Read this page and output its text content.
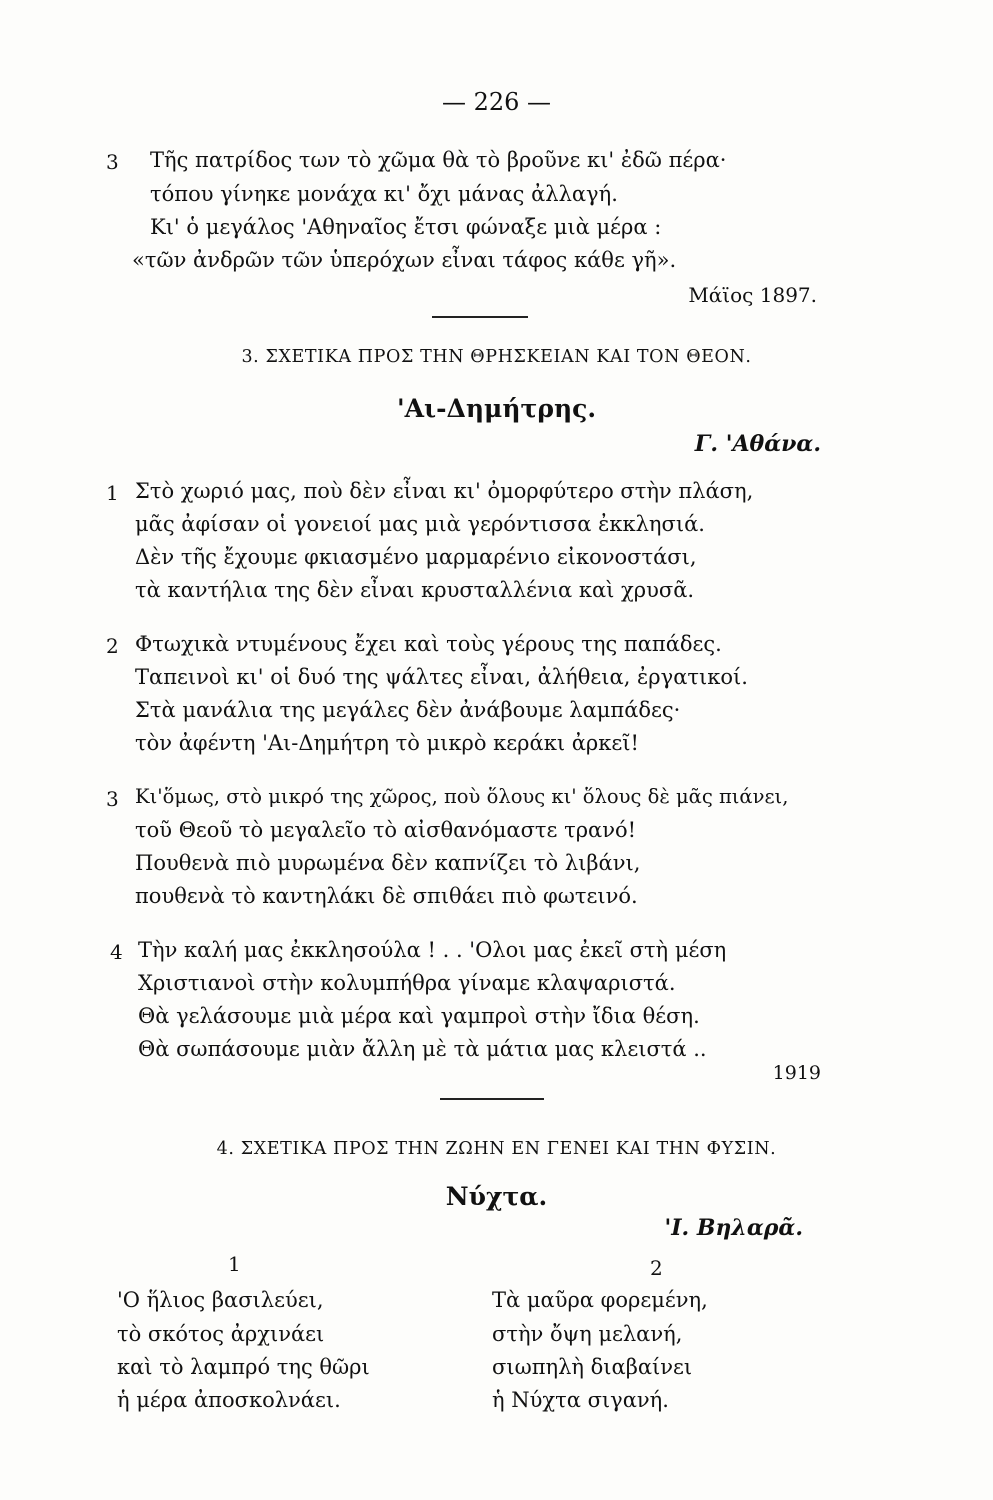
— 226 —
3 Τῆς πατρίδος των τὸ χῶμα θὰ τὸ βροῦνε κι' ἐδῶ πέρα·
τόπου γίνηκε μονάχα κι' ὄχι μάνας ἀλλαγή.
Κι' ὁ μεγάλος 'Αθηναῖος ἔτσι φώναξε μιὰ μέρα :
«τῶν ἀνδρῶν τῶν ὑπερόχων εἶναι τάφος κάθε γῆ».
Μάϊος 1897.
3. ΣΧΕΤΙΚΑ ΠΡΟΣ ΤΗΝ ΘΡΗΣΚΕΙΑΝ ΚΑΙ ΤΟΝ ΘΕΟΝ.
'Αι-Δημήτρης.
Γ. 'Αθάνα.
1 Στὸ χωριό μας, ποὺ δὲν εἶναι κι' ὀμορφύτερο στὴν πλάση,
μᾶς ἀφίσαν οἱ γονειοί μας μιὰ γερόντισσα ἐκκλησιά.
Δὲν τῆς ἔχουμε φκιασμένο μαρμαρένιο εἰκονοστάσι,
τὰ καντήλια της δὲν εἶναι κρυσταλλένια καὶ χρυσᾶ.
2 Φτωχικὰ ντυμένους ἔχει καὶ τοὺς γέρους της παπάδες.
Ταπεινοὶ κι' οἱ δυό της ψάλτες εἶναι, ἀλήθεια, ἐργατικοί.
Στὰ μανάλια της μεγάλες δὲν ἀνάβουμε λαμπάδες·
τὸν ἀφέντη 'Αι-Δημήτρη τὸ μικρὸ κεράκι ἀρκεῖ!
3 Κι'ὅμως, στὸ μικρό της χῶρος, ποὺ ὅλους κι' ὅλους δὲ μᾶς πιάνει,
τοῦ Θεοῦ τὸ μεγαλεῖο τὸ αἰσθανόμαστε τρανό!
Πουθενὰ πιὸ μυρωμένα δὲν καπνίζει τὸ λιβάνι,
πουθενὰ τὸ καντηλάκι δὲ σπιθάει πιὸ φωτεινό.
4 Τὴν καλή μας ἐκκλησούλα ! . . 'Ολοι μας ἐκεῖ στὴ μέση
Χριστιανοὶ στὴν κολυμπήθρα γίναμε κλαψαριστά.
Θὰ γελάσουμε μιὰ μέρα καὶ γαμπροὶ στὴν ἴδια θέση.
Θὰ σωπάσουμε μιὰν ἄλλη μὲ τὰ μάτια μας κλειστά ..
1919
4. ΣΧΕΤΙΚΑ ΠΡΟΣ ΤΗΝ ΖΩΗΝ ΕΝ ΓΕΝΕΙ ΚΑΙ ΤΗΝ ΦΥΣΙΝ.
Νύχτα.
'Ι. Βηλαρᾶ.
1	2
'Ο ἥλιος βασιλεύει,
τὸ σκότος ἀρχινάει
καὶ τὸ λαμπρό της θῶρι
ἡ μέρα ἀποσκολνάει.
Τὰ μαῦρα φορεμένη,
στὴν ὄψη μελανή,
σιωπηλὴ διαβαίνει
ἡ Νύχτα σιγανή.
